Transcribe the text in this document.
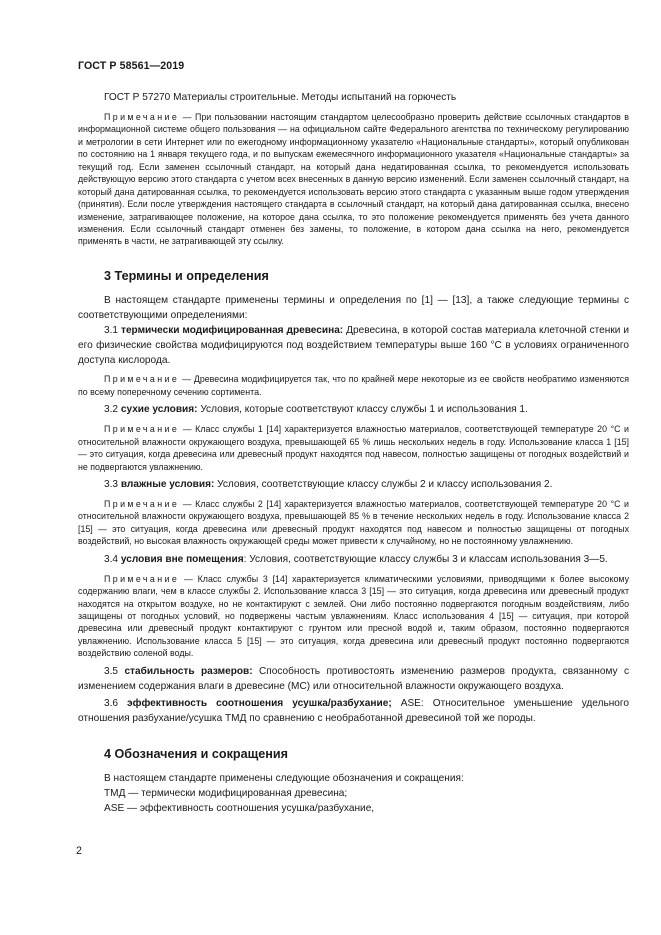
ГОСТ Р 58561—2019

ГОСТ Р 57270 Материалы строительные. Методы испытаний на горючесть

Примечание — При пользовании настоящим стандартом целесообразно проверить действие ссылочных стандартов в информационной системе общего пользования — на официальном сайте Федерального агентства по техническому регулированию и метрологии в сети Интернет или по ежегодному информационному указателю «Национальные стандарты», который опубликован по состоянию на 1 января текущего года, и по выпускам ежемесячного информационного указателя «Национальные стандарты» за текущий год. Если заменен ссылочный стандарт, на который дана недатированная ссылка, то рекомендуется использовать действующую версию этого стандарта с учетом всех внесенных в данную версию изменений. Если заменен ссылочный стандарт, на который дана датированная ссылка, то рекомендуется использовать версию этого стандарта с указанным выше годом утверждения (принятия). Если после утверждения настоящего стандарта в ссылочный стандарт, на который дана датированная ссылка, внесено изменение, затрагивающее положение, на которое дана ссылка, то это положение рекомендуется применять без учета данного изменения. Если ссылочный стандарт отменен без замены, то положение, в котором дана ссылка на него, рекомендуется применять в части, не затрагивающей эту ссылку.

3 Термины и определения

В настоящем стандарте применены термины и определения по [1] — [13], а также следующие термины с соответствующими определениями:

3.1 термически модифицированная древесина: Древесина, в которой состав материала клеточной стенки и его физические свойства модифицируются под воздействием температуры выше 160 °C в условиях ограниченного доступа кислорода.

Примечание — Древесина модифицируется так, что по крайней мере некоторые из ее свойств необратимо изменяются по всему поперечному сечению сортимента.

3.2 сухие условия: Условия, которые соответствуют классу службы 1 и использования 1.

Примечание — Класс службы 1 [14] характеризуется влажностью материалов, соответствующей температуре 20 °C и относительной влажности окружающего воздуха, превышающей 65 % лишь нескольких недель в году. Использование класса 1 [15] — это ситуация, когда древесина или древесный продукт находятся под навесом, полностью защищены от погодных воздействий и не подвергаются увлажнению.

3.3 влажные условия: Условия, соответствующие классу службы 2 и классу использования 2.

Примечание — Класс службы 2 [14] характеризуется влажностью материалов, соответствующей температуре 20 °C и относительной влажности окружающего воздуха, превышающей 85 % в течение нескольких недель в году. Использование класса 2 [15] — это ситуация, когда древесина или древесный продукт находятся под навесом и полностью защищены от погодных воздействий, но высокая влажность окружающей среды может привести к случайному, но не постоянному увлажнению.

3.4 условия вне помещения: Условия, соответствующие классу службы 3 и классам использования 3—5.

Примечание — Класс службы 3 [14] характеризуется климатическими условиями, приводящими к более высокому содержанию влаги, чем в классе службы 2. Использование класса 3 [15] — это ситуация, когда древесина или древесный продукт находятся на открытом воздухе, но не контактируют с землей. Они либо постоянно подвергаются погодным воздействиям, либо защищены от погодных условий, но подвержены частым увлажнениям. Класс использования 4 [15] — ситуация, при которой древесина или древесный продукт контактируют с грунтом или пресной водой и, таким образом, постоянно подвергаются увлажнению. Использование класса 5 [15] — это ситуация, когда древесина или древесный продукт постоянно подвергаются воздействию соленой воды.

3.5 стабильность размеров: Способность противостоять изменению размеров продукта, связанному с изменением содержания влаги в древесине (МС) или относительной влажности окружающего воздуха.

3.6 эффективность соотношения усушка/разбухание; ASE: Относительное уменьшение удельного отношения разбухание/усушка ТМД по сравнению с необработанной древесиной той же породы.

4 Обозначения и сокращения

В настоящем стандарте применены следующие обозначения и сокращения:

ТМД — термически модифицированная древесина;

ASE — эффективность соотношения усушка/разбухание,

2
